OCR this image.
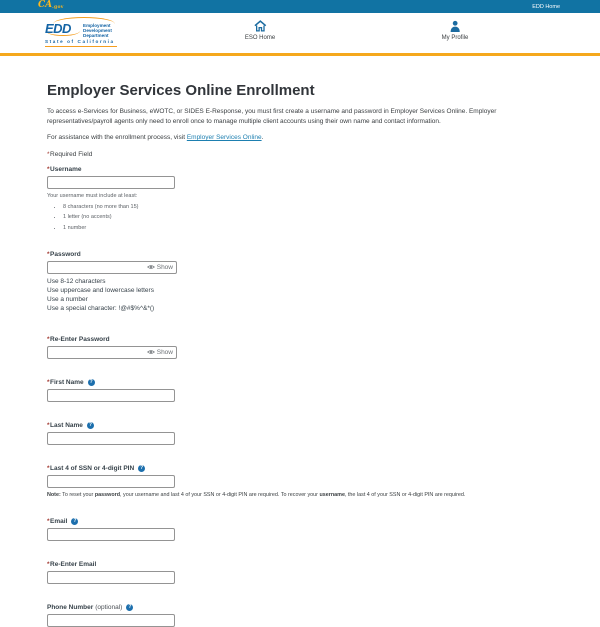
CA.gov	EDD Home
EDD	Employment
Development
Department
State of California
ESO Home	My Profile
Employer Services Online Enrollment

To access e-Services for Business, eWOTC, or SIDES E-Response, you must first create a username and password in Employer Services Online. Employer representatives/payroll agents only need to enroll once to manage multiple client accounts using their own name and contact information.

For assistance with the enrollment process, visit Employer Services Online.

*Required Field

* Username
Your username must include at least:
• 8 characters (no more than 15)
• 1 letter (no accents)
• 1 number
* Password
Show
Use 8-12 characters
Use uppercase and lowercase letters
Use a number
Use a special character: !@#$%^&*()
* Re-Enter Password
Show
* First Name	?
* Last Name	?
* Last 4 of SSN or 4-digit PIN	?
Note: To reset your password, your username and last 4 of your SSN or 4-digit PIN are required. To recover your username, the last 4 of your SSN or 4-digit PIN are required.
* Email	?
* Re-Enter Email
Phone Number (optional)	?
